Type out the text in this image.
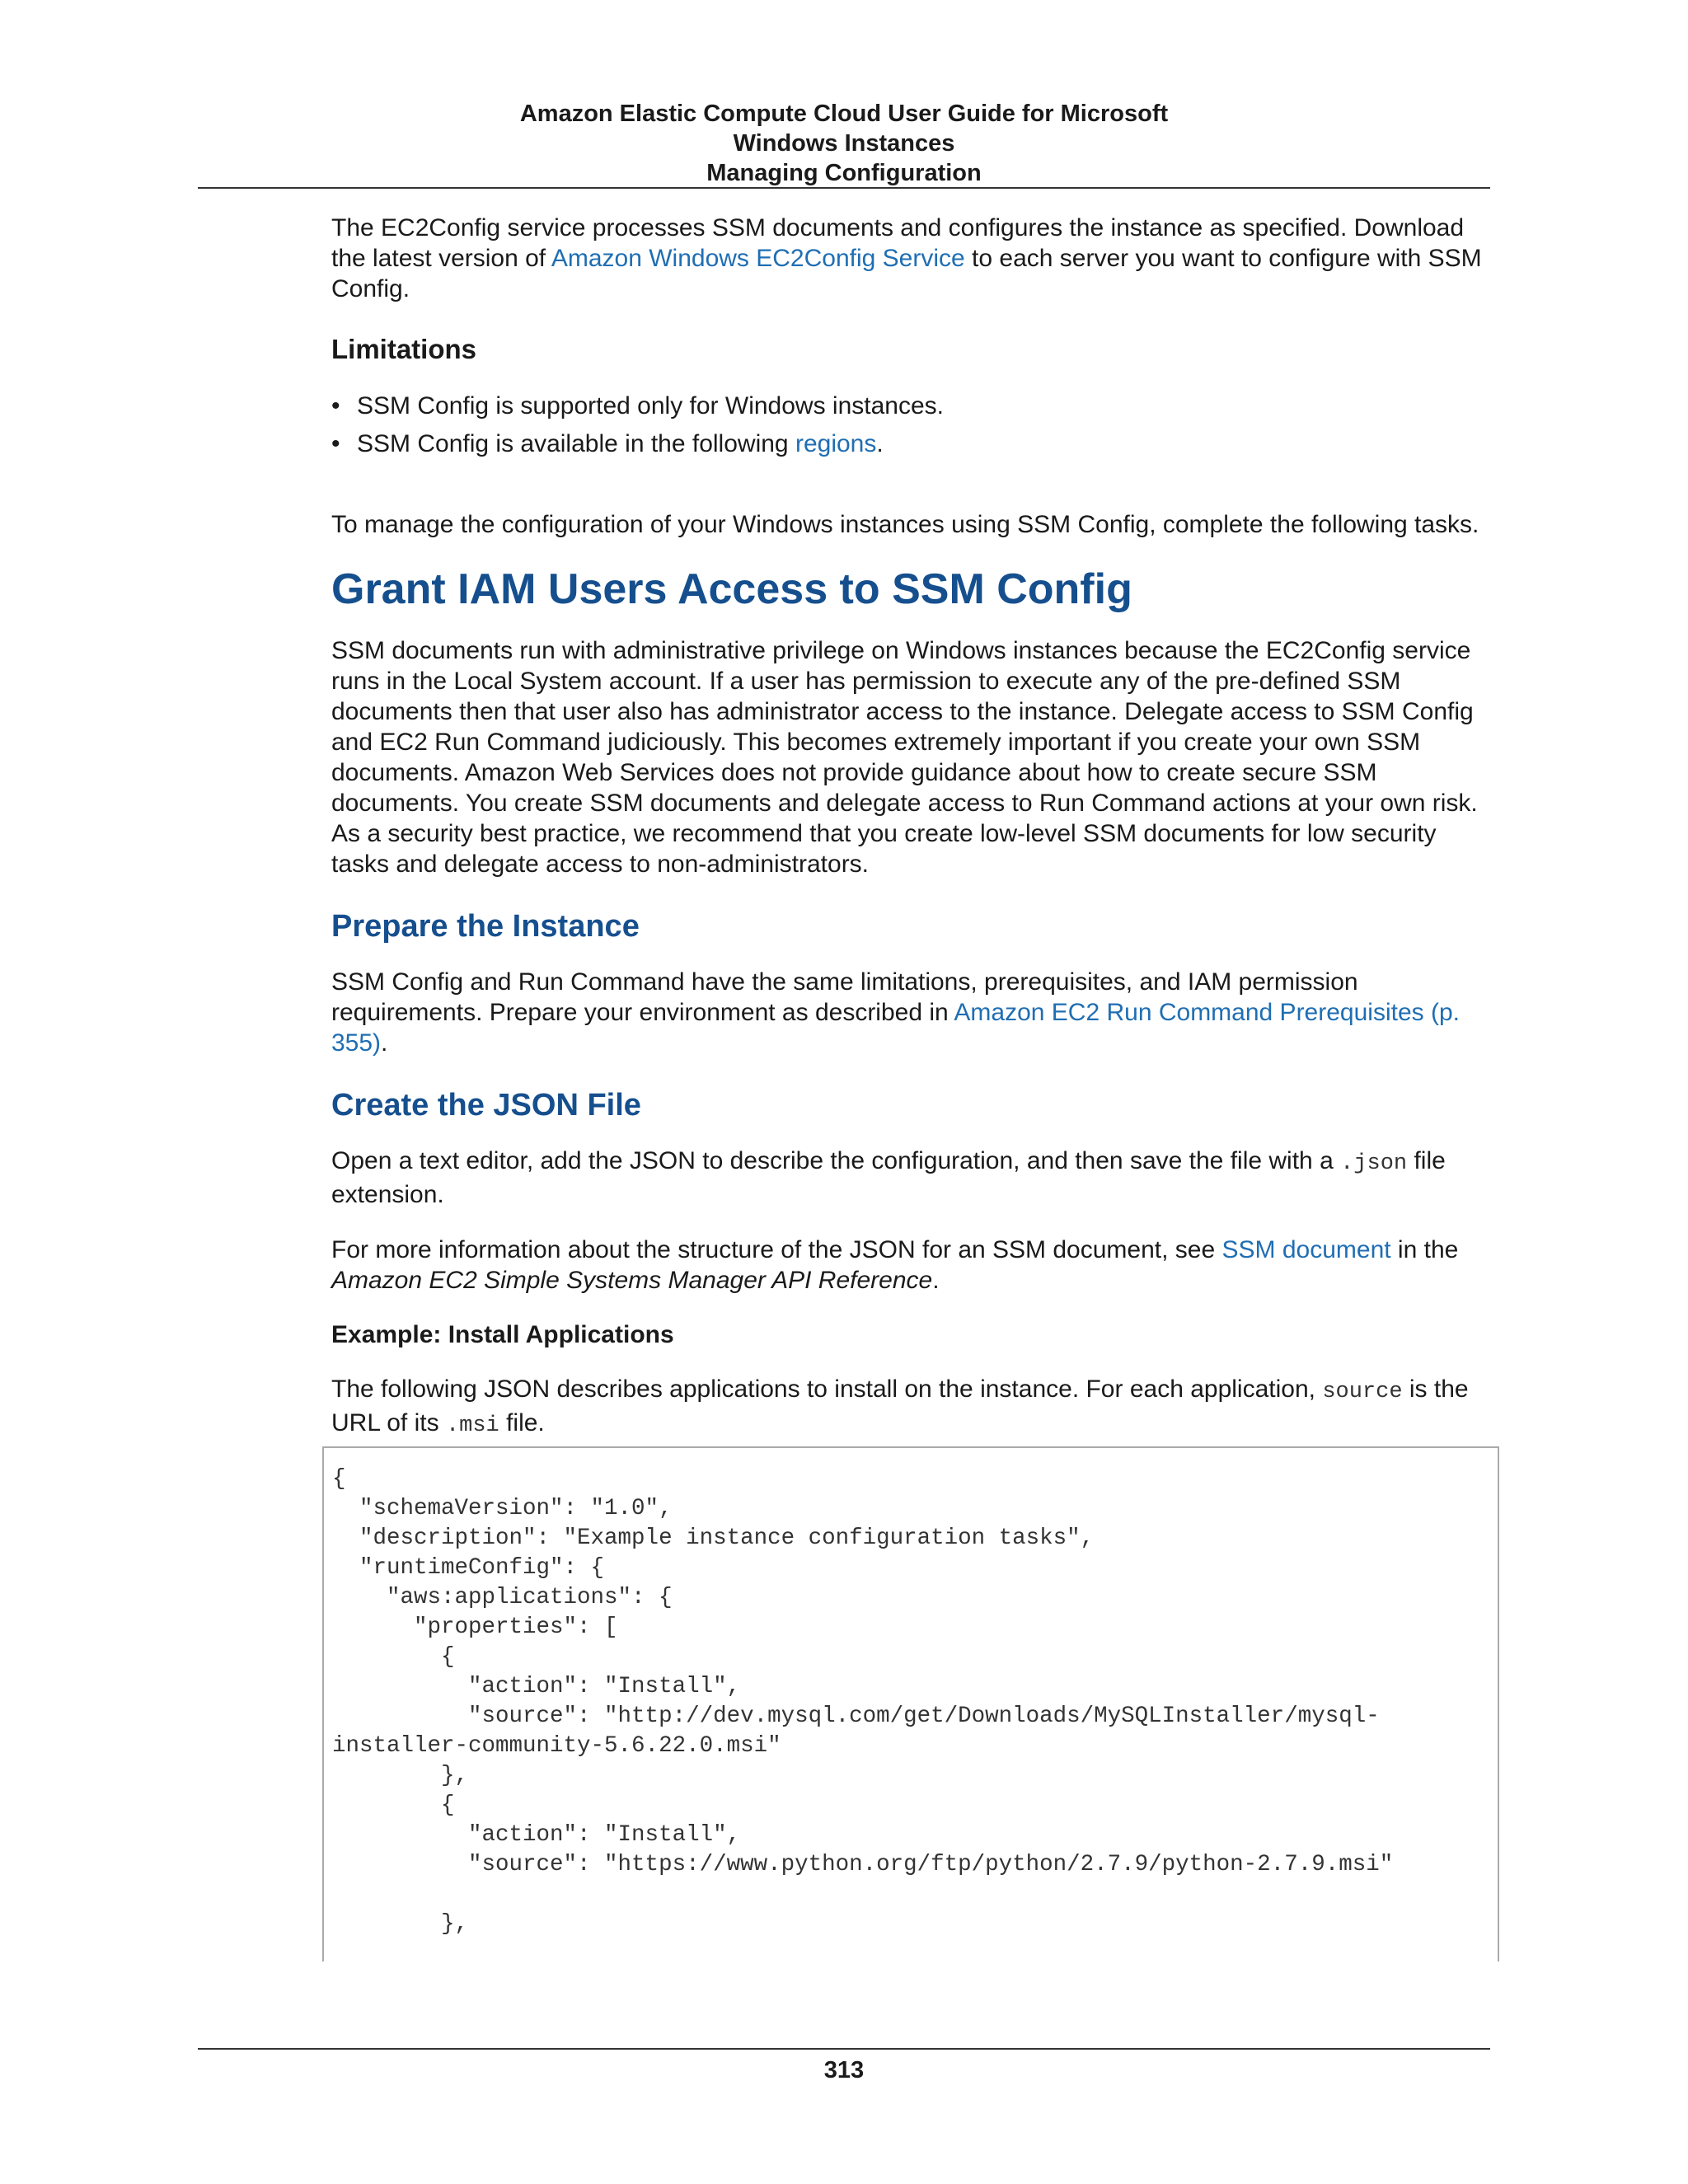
Amazon Elastic Compute Cloud User Guide for Microsoft
Windows Instances
Managing Configuration

The EC2Config service processes SSM documents and configures the instance as specified. Download the latest version of Amazon Windows EC2Config Service to each server you want to configure with SSM Config.

Limitations
• SSM Config is supported only for Windows instances.
• SSM Config is available in the following regions.

To manage the configuration of your Windows instances using SSM Config, complete the following tasks.

Grant IAM Users Access to SSM Config

SSM documents run with administrative privilege on Windows instances because the EC2Config service runs in the Local System account. If a user has permission to execute any of the pre-defined SSM documents then that user also has administrator access to the instance. Delegate access to SSM Config and EC2 Run Command judiciously. This becomes extremely important if you create your own SSM documents. Amazon Web Services does not provide guidance about how to create secure SSM documents. You create SSM documents and delegate access to Run Command actions at your own risk. As a security best practice, we recommend that you create low-level SSM documents for low security tasks and delegate access to non-administrators.

Prepare the Instance

SSM Config and Run Command have the same limitations, prerequisites, and IAM permission requirements. Prepare your environment as described in Amazon EC2 Run Command Prerequisites (p. 355).

Create the JSON File

Open a text editor, add the JSON to describe the configuration, and then save the file with a .json file extension.

For more information about the structure of the JSON for an SSM document, see SSM document in the Amazon EC2 Simple Systems Manager API Reference.

Example: Install Applications

The following JSON describes applications to install on the instance. For each application, source is the URL of its .msi file.

{
"schemaVersion": "1.0",
"description": "Example instance configuration tasks",
"runtimeConfig": {
"aws:applications": {
"properties": [
{
"action": "Install",
"source": "http://dev.mysql.com/get/Downloads/MySQLInstaller/mysql-
installer-community-5.6.22.0.msi"
},
{
"action": "Install",
"source": "https://www.python.org/ftp/python/2.7.9/python-2.7.9.msi"

},
313
